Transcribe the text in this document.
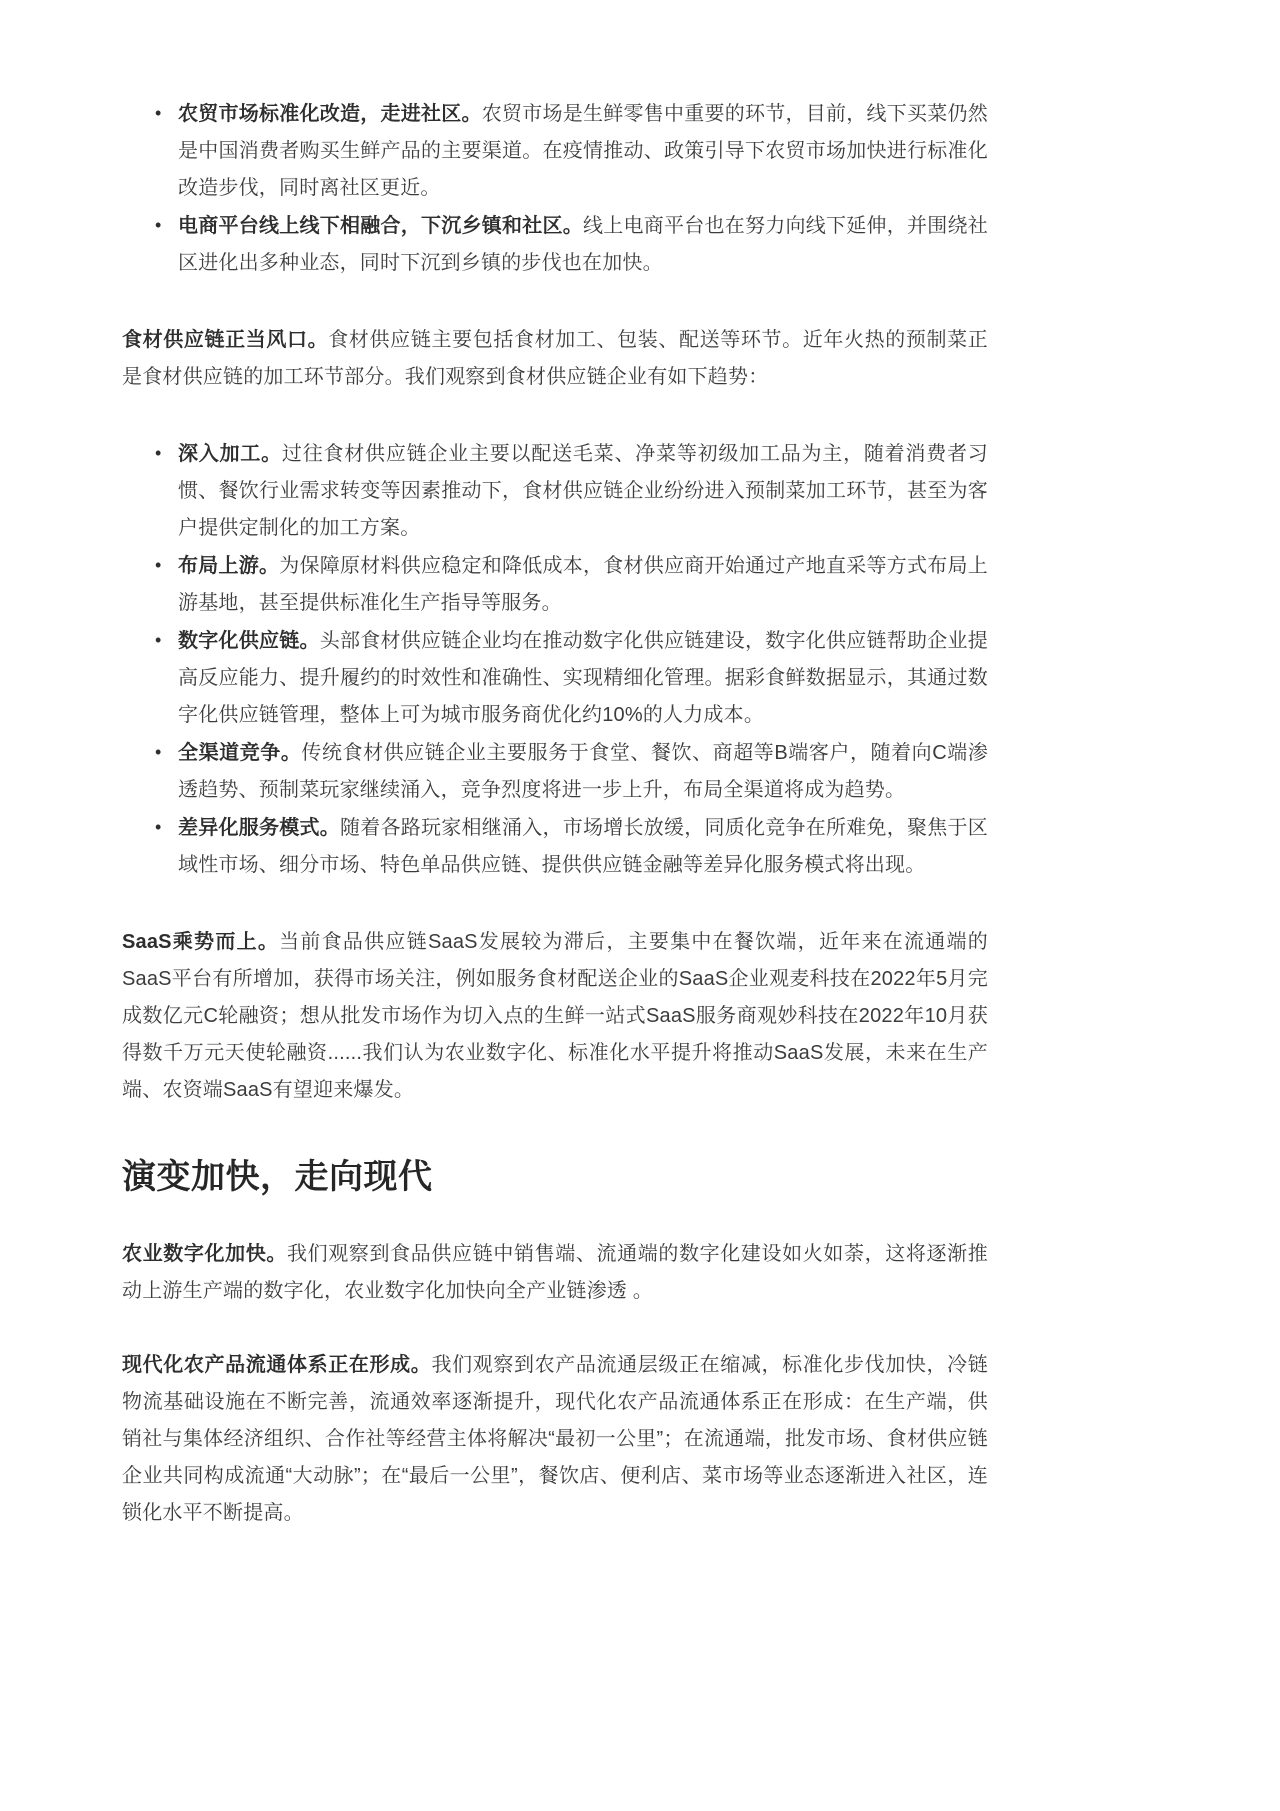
• 农贸市场标准化改造，走进社区。农贸市场是生鲜零售中重要的环节，目前，线下买菜仍然是中国消费者购买生鲜产品的主要渠道。在疫情推动、政策引导下农贸市场加快进行标准化改造步伐，同时离社区更近。
• 电商平台线上线下相融合，下沉乡镇和社区。线上电商平台也在努力向线下延伸，并围绕社区进化出多种业态，同时下沉到乡镇的步伐也在加快。

食材供应链正当风口。食材供应链主要包括食材加工、包装、配送等环节。近年火热的预制菜正是食材供应链的加工环节部分。我们观察到食材供应链企业有如下趋势：

• 深入加工。过往食材供应链企业主要以配送毛菜、净菜等初级加工品为主，随着消费者习惯、餐饮行业需求转变等因素推动下，食材供应链企业纷纷进入预制菜加工环节，甚至为客户提供定制化的加工方案。
• 布局上游。为保障原材料供应稳定和降低成本，食材供应商开始通过产地直采等方式布局上游基地，甚至提供标准化生产指导等服务。
• 数字化供应链。头部食材供应链企业均在推动数字化供应链建设，数字化供应链帮助企业提高反应能力、提升履约的时效性和准确性、实现精细化管理。据彩食鲜数据显示，其通过数字化供应链管理，整体上可为城市服务商优化约10%的人力成本。
• 全渠道竞争。传统食材供应链企业主要服务于食堂、餐饮、商超等B端客户，随着向C端渗透趋势、预制菜玩家继续涌入，竞争烈度将进一步上升，布局全渠道将成为趋势。
• 差异化服务模式。随着各路玩家相继涌入，市场增长放缓，同质化竞争在所难免，聚焦于区域性市场、细分市场、特色单品供应链、提供供应链金融等差异化服务模式将出现。

SaaS乘势而上。当前食品供应链SaaS发展较为滞后，主要集中在餐饮端，近年来在流通端的SaaS平台有所增加，获得市场关注，例如服务食材配送企业的SaaS企业观麦科技在2022年5月完成数亿元C轮融资；想从批发市场作为切入点的生鲜一站式SaaS服务商观妙科技在2022年10月获得数千万元天使轮融资......我们认为农业数字化、标准化水平提升将推动SaaS发展，未来在生产端、农资端SaaS有望迎来爆发。

演变加快，走向现代

农业数字化加快。我们观察到食品供应链中销售端、流通端的数字化建设如火如荼，这将逐渐推动上游生产端的数字化，农业数字化加快向全产业链渗透 。

现代化农产品流通体系正在形成。我们观察到农产品流通层级正在缩减，标准化步伐加快，冷链物流基础设施在不断完善，流通效率逐渐提升，现代化农产品流通体系正在形成：在生产端，供销社与集体经济组织、合作社等经营主体将解决“最初一公里”；在流通端，批发市场、食材供应链企业共同构成流通“大动脉”；在“最后一公里”，餐饮店、便利店、菜市场等业态逐渐进入社区，连锁化水平不断提高。
